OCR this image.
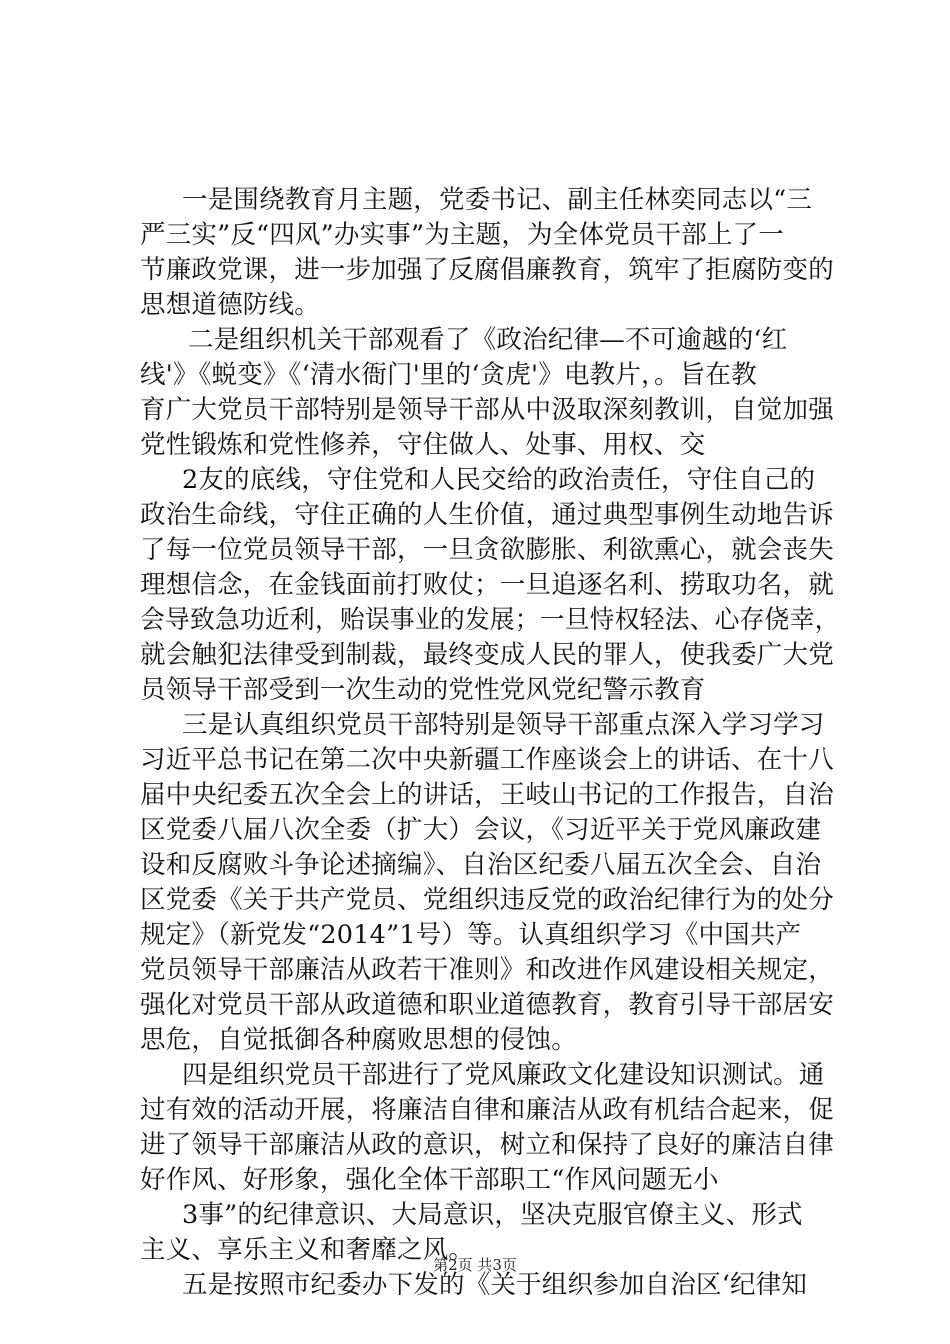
一是围绕教育月主题，党委书记、副主任林奕同志以“三
严三实”反“四风”办实事”为主题，为全体党员干部上了一
节廉政党课，进一步加强了反腐倡廉教育，筑牢了拒腐防变的
思想道德防线。
二是组织机关干部观看了《政治纪律—不可逾越的‘红
线'》《蜕变》《‘清水衙门'里的‘贪虎'》电教片，。旨在教
育广大党员干部特别是领导干部从中汲取深刻教训，自觉加强
党性锻炼和党性修养，守住做人、处事、用权、交
2友的底线，守住党和人民交给的政治责任，守住自己的
政治生命线，守住正确的人生价值，通过典型事例生动地告诉
了每一位党员领导干部，一旦贪欲膨胀、利欲熏心，就会丧失
理想信念，在金钱面前打败仗；一旦追逐名利、捞取功名，就
会导致急功近利，贻误事业的发展；一旦恃权轻法、心存侥幸，
就会触犯法律受到制裁，最终变成人民的罪人，使我委广大党
员领导干部受到一次生动的党性党风党纪警示教育
三是认真组织党员干部特别是领导干部重点深入学习学习
习近平总书记在第二次中央新疆工作座谈会上的讲话、在十八
届中央纪委五次全会上的讲话，王岐山书记的工作报告，自治
区党委八届八次全委（扩大）会议，《习近平关于党风廉政建
设和反腐败斗争论述摘编》、自治区纪委八届五次全会、自治
区党委《关于共产党员、党组织违反党的政治纪律行为的处分
规定》（新党发“2014”1号）等。认真组织学习《中国共产
党员领导干部廉洁从政若干准则》和改进作风建设相关规定，
强化对党员干部从政道德和职业道德教育，教育引导干部居安
思危，自觉抵御各种腐败思想的侵蚀。
四是组织党员干部进行了党风廉政文化建设知识测试。通
过有效的活动开展，将廉洁自律和廉洁从政有机结合起来，促
进了领导干部廉洁从政的意识，树立和保持了良好的廉洁自律
好作风、好形象，强化全体干部职工“作风问题无小
3事”的纪律意识、大局意识，坚决克服官僚主义、形式
主义、享乐主义和奢靡之风。
五是按照市纪委办下发的《关于组织参加自治区‘纪律知
第2页 共3页
